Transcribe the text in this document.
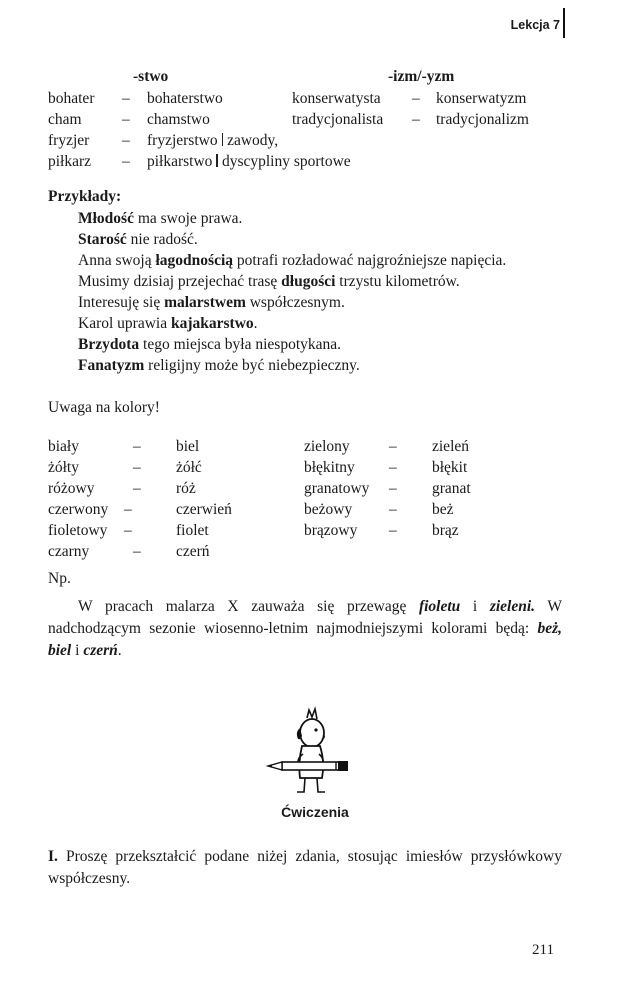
Lekcja 7
-stwo	-izm/-yzm
bohater – bohaterstwo	konserwatysta – konserwatyzm
cham	– chamstwo	tradycjonalista – tradycjonalizm
fryzjer – fryzjerstwo zawody,
piłkarz – piłkarstwo dyscypliny sportowe
Przykłady:
Młodość ma swoje prawa.
Starość nie radość.
Anna swoją łagodnością potrafi rozładować najgroźniejsze napięcia.
Musimy dzisiaj przejechać trasę długości trzystu kilometrów.
Interesuję się malarstwem współczesnym.
Karol uprawia kajakarstwo.
Brzydota tego miejsca była niespotykana.
Fanatyzm religijny może być niebezpieczny.
Uwaga na kolory!
biały	– biel	zielony	– zieleń
żółty	– żółć	błękitny – błękit
różowy – róż	granatowy – granat
czerwony –	czerwień	beżowy – beż
fioletowy –	fiolet	brązowy – brąz
czarny	– czerń
Np.
W pracach malarza X zauważa się przewagę fioletu i zieleni. W nadchodzącym sezonie wiosenno-letnim najmodniejszymi kolorami będą: beż, biel i czerń.
Ćwiczenia
I. Proszę przekształcić podane niżej zdania, stosując imiesłów przysłówkowy współczesny.
211
